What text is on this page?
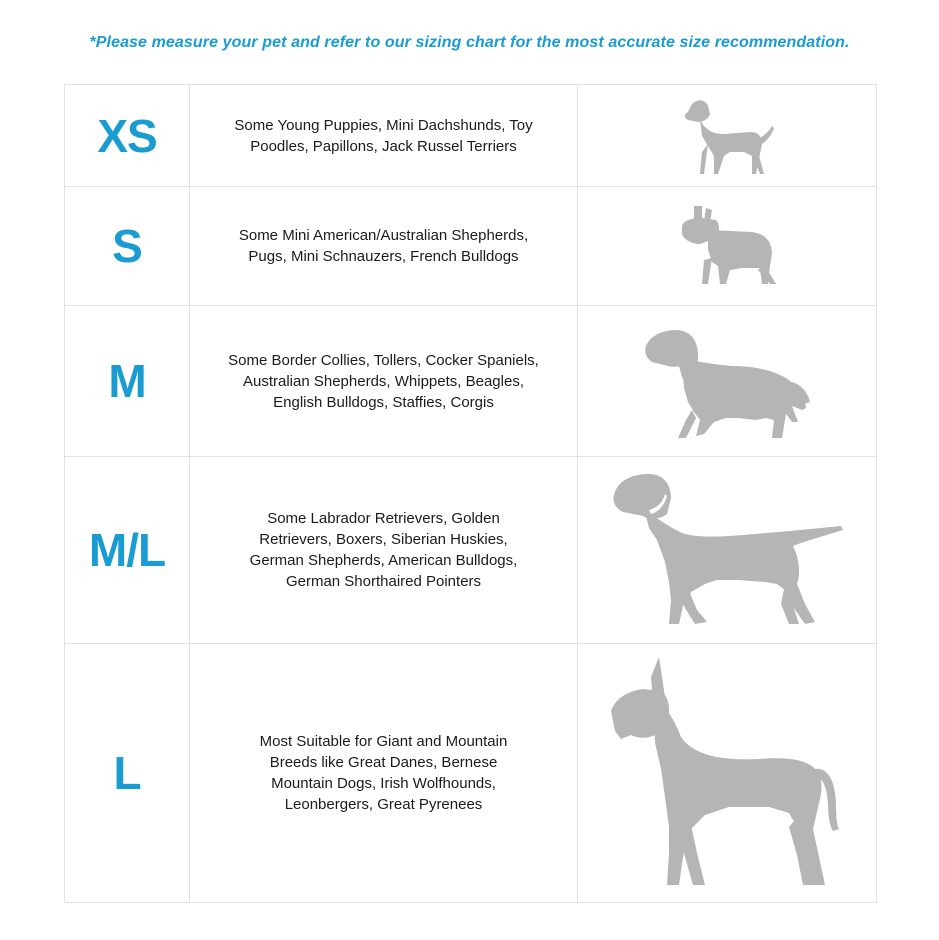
*Please measure your pet and refer to our sizing chart for the most accurate size recommendation.
XS	Some Young Puppies, Mini Dachshunds, Toy
Poodles, Papillons, Jack Russel Terriers

S	Some Mini American/Australian Shepherds,
Pugs, Mini Schnauzers, French Bulldogs

M	Some Border Collies, Tollers, Cocker Spaniels,
Australian Shepherds, Whippets, Beagles,
English Bulldogs, Staffies, Corgis

M/L	Some Labrador Retrievers, Golden
Retrievers, Boxers, Siberian Huskies,
German Shepherds, American Bulldogs,
German Shorthaired Pointers

L	Most Suitable for Giant and Mountain
Breeds like Great Danes, Bernese
Mountain Dogs, Irish Wolfhounds,
Leonbergers, Great Pyrenees
